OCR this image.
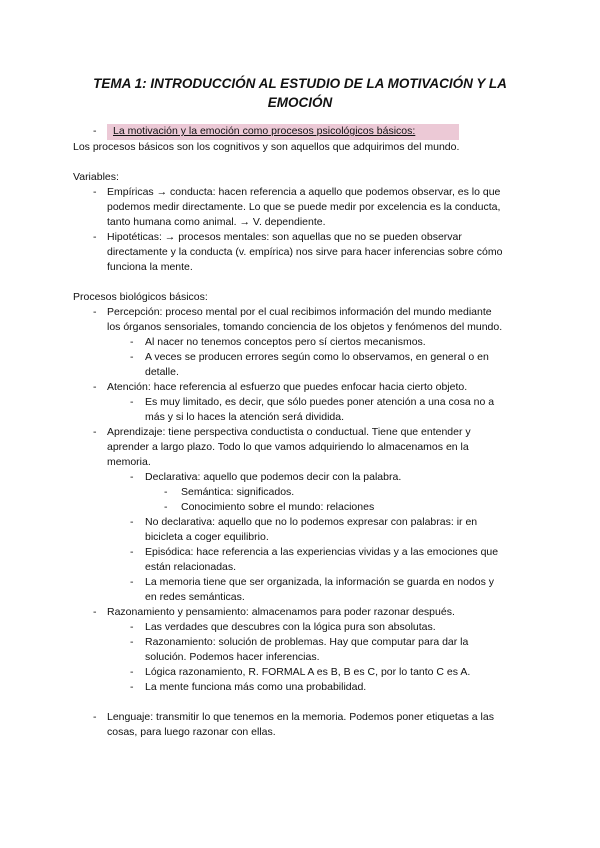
TEMA 1: INTRODUCCIÓN AL ESTUDIO DE LA MOTIVACIÓN Y LA EMOCIÓN
- La motivación y la emoción como procesos psicológicos básicos:
Los procesos básicos son los cognitivos y son aquellos que adquirimos del mundo.
Variables:
- Empíricas → conducta: hacen referencia a aquello que podemos observar, es lo que
podemos medir directamente. Lo que se puede medir por excelencia es la conducta,
tanto humana como animal. → V. dependiente.
- Hipotéticas: → procesos mentales: son aquellas que no se pueden observar
directamente y la conducta (v. empírica) nos sirve para hacer inferencias sobre cómo
funciona la mente.
Procesos biológicos básicos:
- Percepción: proceso mental por el cual recibimos información del mundo mediante
los órganos sensoriales, tomando conciencia de los objetos y fenómenos del mundo.
- Al nacer no tenemos conceptos pero sí ciertos mecanismos.
- A veces se producen errores según como lo observamos, en general o en
detalle.
- Atención: hace referencia al esfuerzo que puedes enfocar hacia cierto objeto.
- Es muy limitado, es decir, que sólo puedes poner atención a una cosa no a
más y si lo haces la atención será dividida.
- Aprendizaje: tiene perspectiva conductista o conductual. Tiene que entender y
aprender a largo plazo. Todo lo que vamos adquiriendo lo almacenamos en la
memoria.
- Declarativa: aquello que podemos decir con la palabra.
- Semántica: significados.
- Conocimiento sobre el mundo: relaciones
- No declarativa: aquello que no lo podemos expresar con palabras: ir en
bicicleta a coger equilibrio.
- Episódica: hace referencia a las experiencias vividas y a las emociones que
están relacionadas.
- La memoria tiene que ser organizada, la información se guarda en nodos y
en redes semánticas.
- Razonamiento y pensamiento: almacenamos para poder razonar después.
- Las verdades que descubres con la lógica pura son absolutas.
- Razonamiento: solución de problemas. Hay que computar para dar la
solución. Podemos hacer inferencias.
- Lógica razonamiento, R. FORMAL A es B, B es C, por lo tanto C es A.
- La mente funciona más como una probabilidad.
- Lenguaje: transmitir lo que tenemos en la memoria. Podemos poner etiquetas a las
cosas, para luego razonar con ellas.
